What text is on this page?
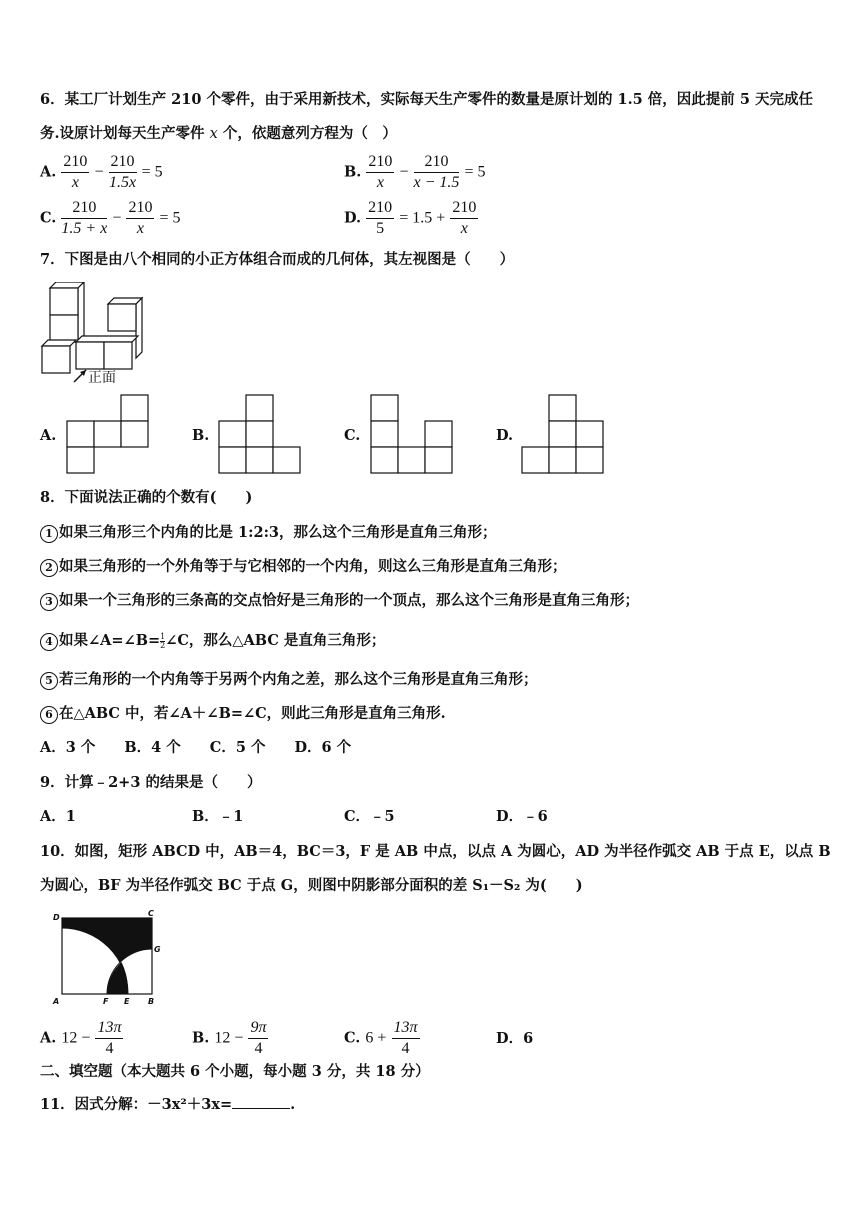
6．某工厂计划生产 210 个零件，由于采用新技术，实际每天生产零件的数量是原计划的 1.5 倍，因此提前 5 天完成任
务.设原计划每天生产零件 x 个，依题意列方程为（　）
A. $\frac{210}{x} - \frac{210}{1.5x} = 5$	B. $\frac{210}{x} - \frac{210}{x - 1.5} = 5$
C. $\frac{210}{1.5 + x} - \frac{210}{x} = 5$	D. $\frac{210}{5} = 1.5 + \frac{210}{x}$
7．下图是由八个相同的小正方体组合而成的几何体，其左视图是（　　）
正面
A.	B.	C.	D.
8．下面说法正确的个数有(　　)
1 如果三角形三个内角的比是 1:2:3，那么这个三角形是直角三角形；
2 如果三角形的一个外角等于与它相邻的一个内角，则这么三角形是直角三角形；
3 如果一个三角形的三条高的交点恰好是三角形的一个顶点，那么这个三角形是直角三角形；
4 如果∠A=∠B= $\frac{1}{2}\angle C$，那么△ABC 是直角三角形；
5 若三角形的一个内角等于另两个内角之差，那么这个三角形是直角三角形；
6 在△ABC 中，若∠A＋∠B=∠C，则此三角形是直角三角形.
A．3 个　　B．4 个　　C．5 个　　D．6 个
9．计算﹣2+3 的结果是（　　）
A．1	B．﹣1	C．﹣5	D．﹣6
10．如图，矩形 ABCD 中，AB＝4，BC＝3，F 是 AB 中点，以点 A 为圆心，AD 为半径作弧交 AB 于点 E，以点 B
为圆心，BF 为半径作弧交 BC 于点 G，则图中阴影部分面积的差 S₁－S₂ 为(　　)
D	C
G
A	F E B
A. $12 - \frac{13\pi}{4}$	B. $12 - \frac{9\pi}{4}$	C. $6 + \frac{13\pi}{4}$	D．6
二、填空题（本大题共 6 个小题，每小题 3 分，共 18 分）
11．因式分解：－3x²＋3x=	.
